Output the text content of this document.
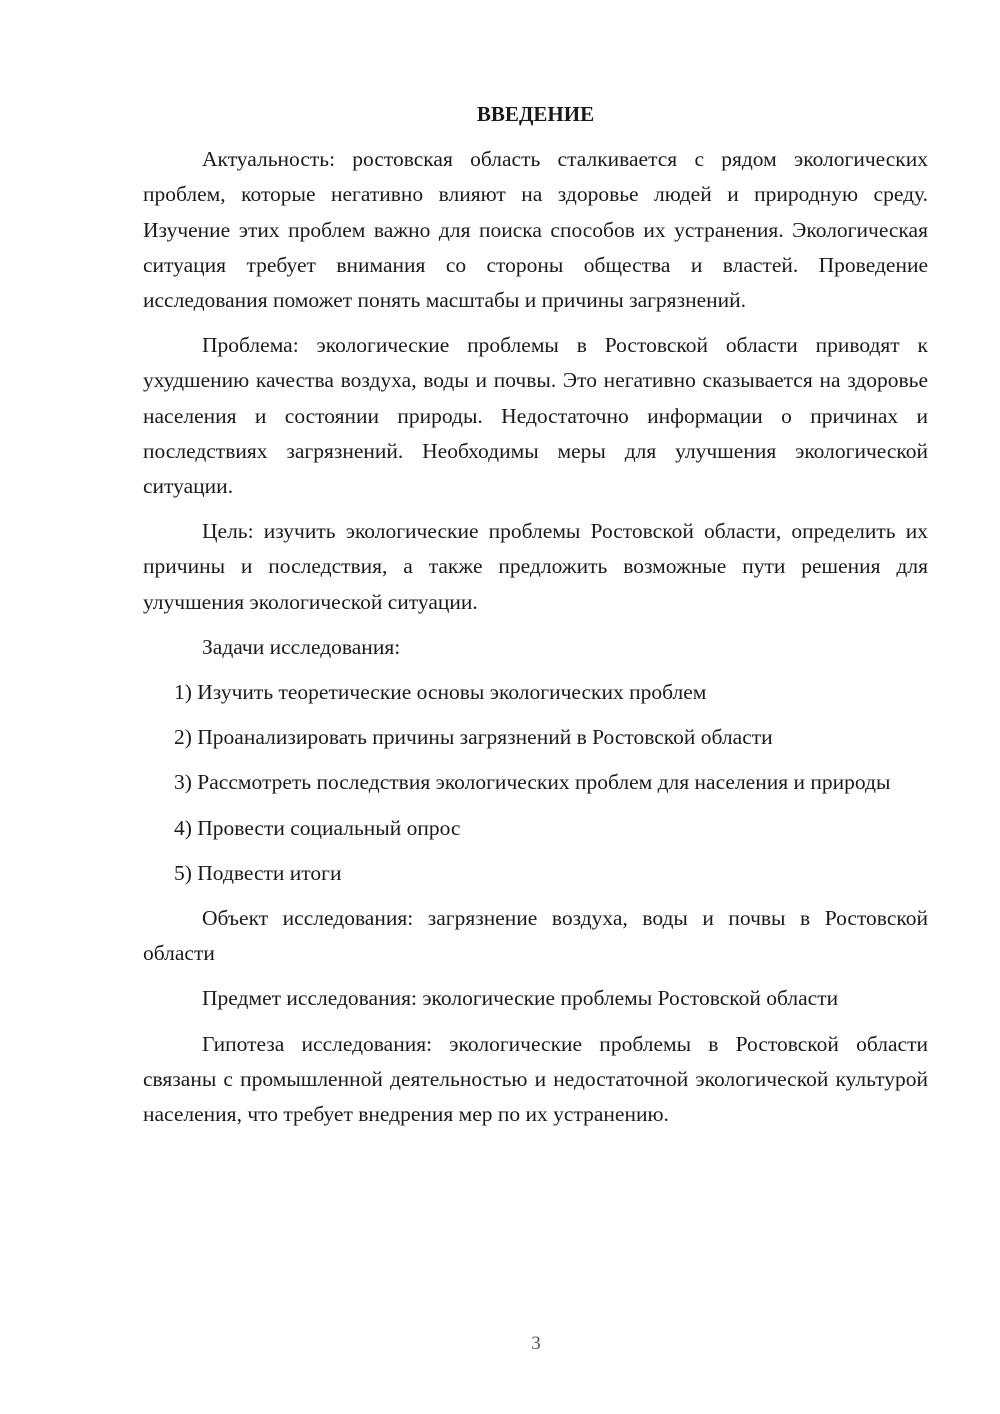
ВВЕДЕНИЕ

Актуальность: ростовская область сталкивается с рядом экологических проблем, которые негативно влияют на здоровье людей и природную среду. Изучение этих проблем важно для поиска способов их устранения. Экологическая ситуация требует внимания со стороны общества и властей. Проведение исследования поможет понять масштабы и причины загрязнений.

Проблема: экологические проблемы в Ростовской области приводят к ухудшению качества воздуха, воды и почвы. Это негативно сказывается на здоровье населения и состоянии природы. Недостаточно информации о причинах и последствиях загрязнений. Необходимы меры для улучшения экологической ситуации.

Цель: изучить экологические проблемы Ростовской области, определить их причины и последствия, а также предложить возможные пути решения для улучшения экологической ситуации.

Задачи исследования:

1) Изучить теоретические основы экологических проблем

2) Проанализировать причины загрязнений в Ростовской области

3) Рассмотреть последствия экологических проблем для населения и природы

4) Провести социальный опрос

5) Подвести итоги

Объект исследования: загрязнение воздуха, воды и почвы в Ростовской области

Предмет исследования: экологические проблемы Ростовской области

Гипотеза исследования: экологические проблемы в Ростовской области связаны с промышленной деятельностью и недостаточной экологической культурой населения, что требует внедрения мер по их устранению.

3
